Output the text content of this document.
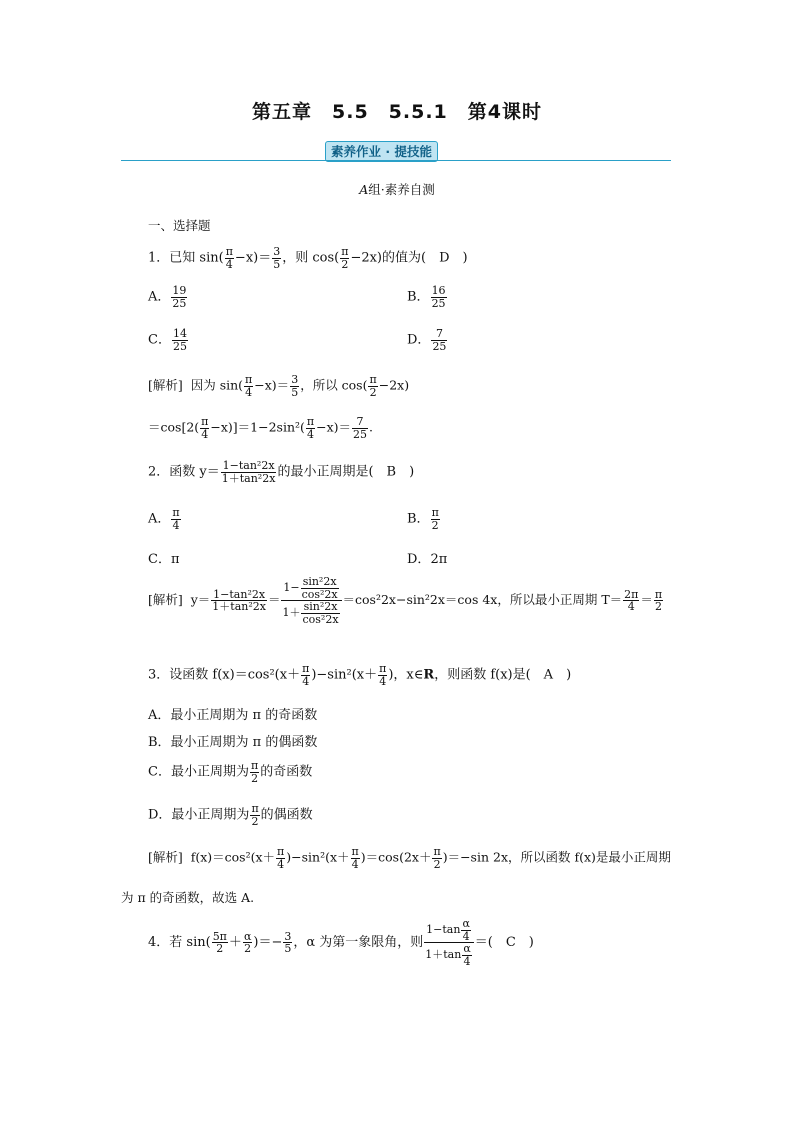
第五章　5.5　5.5.1　第4课时
素养作业 · 提技能
A组·素养自测
一、选择题
1．已知 $\sin( \frac{\pi}{4} -x)= \frac{3}{5}$ ，则 $\cos( \frac{\pi}{2} -2x)$的值为(　D　)
A． $\frac{19}{25}$	B． $\frac{16}{25}$
C． $\frac{14}{25}$	D． $\frac{7}{25}$
[解析] 因为 $\sin( \frac{\pi}{4} -x)= \frac{3}{5}$ ，所以 $\cos( \frac{\pi}{2} -2x)$
$=\cos[2( \frac{\pi}{4} -x)]=1-2\sin^2( \frac{\pi}{4} -x)= \frac{7}{25}$ .
2．函数 $y= \frac{\text{1−tan²2x}}{\text{1＋tan²2x}}$ 的最小正周期是(　B　)
A． $\frac{\pi}{4}$	B． $\frac{\pi}{2}$
C．π	D．2π
[解析] $y= \frac{\text{1−tan²2x}}{\text{1＋tan²2x}} = \frac{1- \frac{\text{sin²2x}}{\text{cos²2x}}}{1+ \frac{\text{sin²2x}}{\text{cos²2x}}} =\cos^22x-\sin^22x=\cos$ 4x，所以最小正周期 $T= \frac{2\pi}{4} = \frac{\pi}{2}$
3．设函数 $f(x)=\cos^2(x+ \frac{\pi}{4} )-\sin^2(x+ \frac{\pi}{4}$ )，x∈R，则函数 f(x)是(　A　)
A．最小正周期为 π 的奇函数
B．最小正周期为 π 的偶函数
C．最小正周期为 $\frac{\pi}{2}$ 的奇函数
D．最小正周期为 $\frac{\pi}{2}$ 的偶函数
[解析] $f(x)=\cos^2(x+ \frac{\pi}{4} )-\sin^2(x+ \frac{\pi}{4} )=\cos(2x+ \frac{\pi}{2} )=-\sin$ 2x，所以函数 f(x)是最小正周期
为 π 的奇函数，故选 A.
4．若 $\sin( \frac{5\pi}{2} + \frac{\alpha}{2}$ )＝− $\frac{3}{5}$ ，α 为第一象限角，则 $\frac{1-\tan \frac{\alpha}{4}}{1+\tan \frac{\alpha}{4}}$ ＝(　C　)
